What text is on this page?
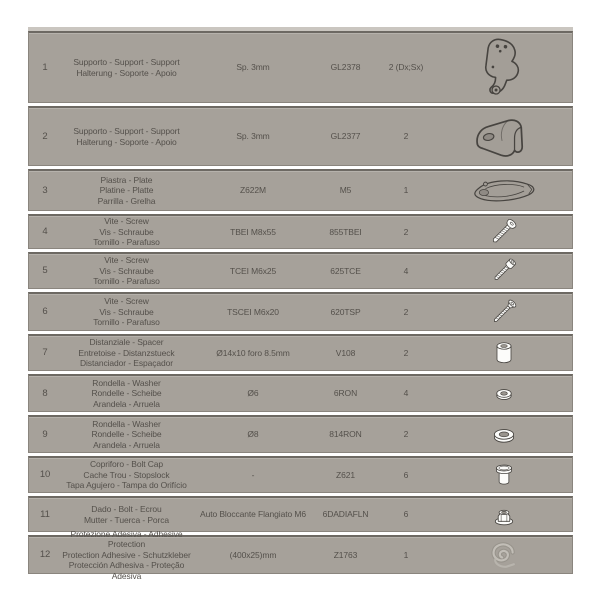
1	Supporto - Support - Support
Halterung - Soporte - Apoio
Sp. 3mm	GL2378	2 (Dx;Sx)
2	Supporto - Support - Support
Halterung - Soporte - Apoio
Sp. 3mm	GL2377	2
3
Piastra - Plate
Platine - Platte
Parrilla - Grelha
Z622M	M5	1
4
Vite - Screw
Vis - Schraube
Tornillo - Parafuso
TBEI M8x55	855TBEI	2
5
Vite - Screw
Vis - Schraube
Tornillo - Parafuso
TCEI M6x25	625TCE	4
6
Vite - Screw
Vis - Schraube
Tornillo - Parafuso
TSCEI M6x20	620TSP	2
7
Distanziale - Spacer
Entretoise - Distanzstueck
Distanciador - Espaçador
Ø14x10 foro 8.5mm	V108	2
8
Rondella - Washer
Rondelle - Scheibe
Arandela - Arruela
Ø6	6RON	4
9
Rondella - Washer
Rondelle - Scheibe
Arandela - Arruela
Ø8	814RON	2
10
Copriforo - Bolt Cap
Cache Trou - Stopslock
Tapa Agujero - Tampa do Orifício
-	Z621	6
11	Dado - Bolt - Ecrou
Mutter - Tuerca - Porca
Auto Bloccante Flangiato M6	6DADIAFLN	6
12
Protezione Adesiva - Adhesive Protection
Protection Adhesive - Schutzkleber
Protección Adhesiva - Proteção Adesiva
(400x25)mm	Z1763	1
